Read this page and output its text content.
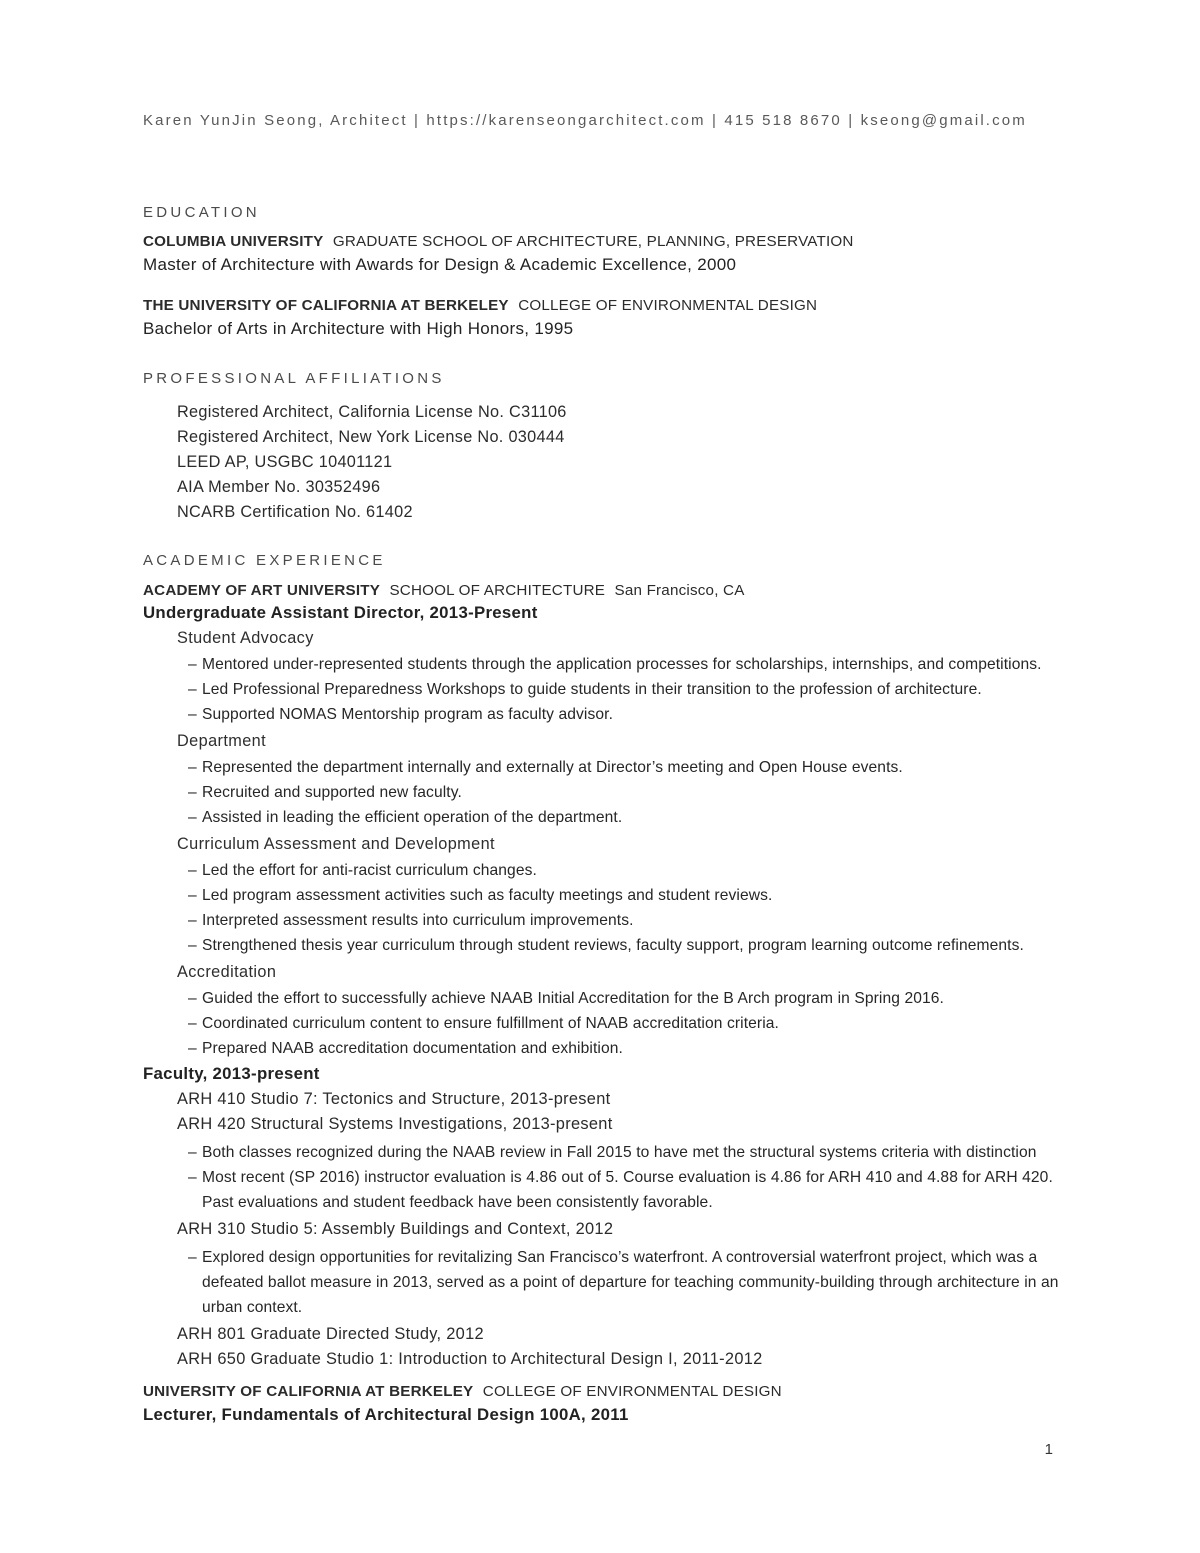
Karen YunJin Seong, Architect | https://karenseongarchitect.com | 415 518 8670 | kseong@gmail.com
EDUCATION
COLUMBIA UNIVERSITY GRADUATE SCHOOL OF ARCHITECTURE, PLANNING, PRESERVATION
Master of Architecture with Awards for Design & Academic Excellence, 2000
THE UNIVERSITY OF CALIFORNIA AT BERKELEY COLLEGE OF ENVIRONMENTAL DESIGN
Bachelor of Arts in Architecture with High Honors, 1995
PROFESSIONAL AFFILIATIONS
Registered Architect, California License No. C31106
Registered Architect, New York License No. 030444
LEED AP, USGBC 10401121
AIA Member No. 30352496
NCARB Certification No. 61402
ACADEMIC EXPERIENCE
ACADEMY OF ART UNIVERSITY SCHOOL OF ARCHITECTURE San Francisco, CA
Undergraduate Assistant Director, 2013-Present
Student Advocacy
– Mentored under-represented students through the application processes for scholarships, internships, and competitions.
– Led Professional Preparedness Workshops to guide students in their transition to the profession of architecture.
– Supported NOMAS Mentorship program as faculty advisor.
Department
– Represented the department internally and externally at Director’s meeting and Open House events.
– Recruited and supported new faculty.
– Assisted in leading the efficient operation of the department.
Curriculum Assessment and Development
– Led the effort for anti-racist curriculum changes.
– Led program assessment activities such as faculty meetings and student reviews.
– Interpreted assessment results into curriculum improvements.
– Strengthened thesis year curriculum through student reviews, faculty support, program learning outcome refinements.
Accreditation
– Guided the effort to successfully achieve NAAB Initial Accreditation for the B Arch program in Spring 2016.
– Coordinated curriculum content to ensure fulfillment of NAAB accreditation criteria.
– Prepared NAAB accreditation documentation and exhibition.
Faculty, 2013-present
ARH 410 Studio 7: Tectonics and Structure, 2013-present
ARH 420 Structural Systems Investigations, 2013-present
– Both classes recognized during the NAAB review in Fall 2015 to have met the structural systems criteria with distinction
– Most recent (SP 2016) instructor evaluation is 4.86 out of 5. Course evaluation is 4.86 for ARH 410 and 4.88 for ARH 420. Past evaluations and student feedback have been consistently favorable.
ARH 310 Studio 5: Assembly Buildings and Context, 2012
– Explored design opportunities for revitalizing San Francisco’s waterfront. A controversial waterfront project, which was a defeated ballot measure in 2013, served as a point of departure for teaching community-building through architecture in an urban context.
ARH 801 Graduate Directed Study, 2012
ARH 650 Graduate Studio 1: Introduction to Architectural Design I, 2011-2012
UNIVERSITY OF CALIFORNIA AT BERKELEY COLLEGE OF ENVIRONMENTAL DESIGN
Lecturer, Fundamentals of Architectural Design 100A, 2011
1
